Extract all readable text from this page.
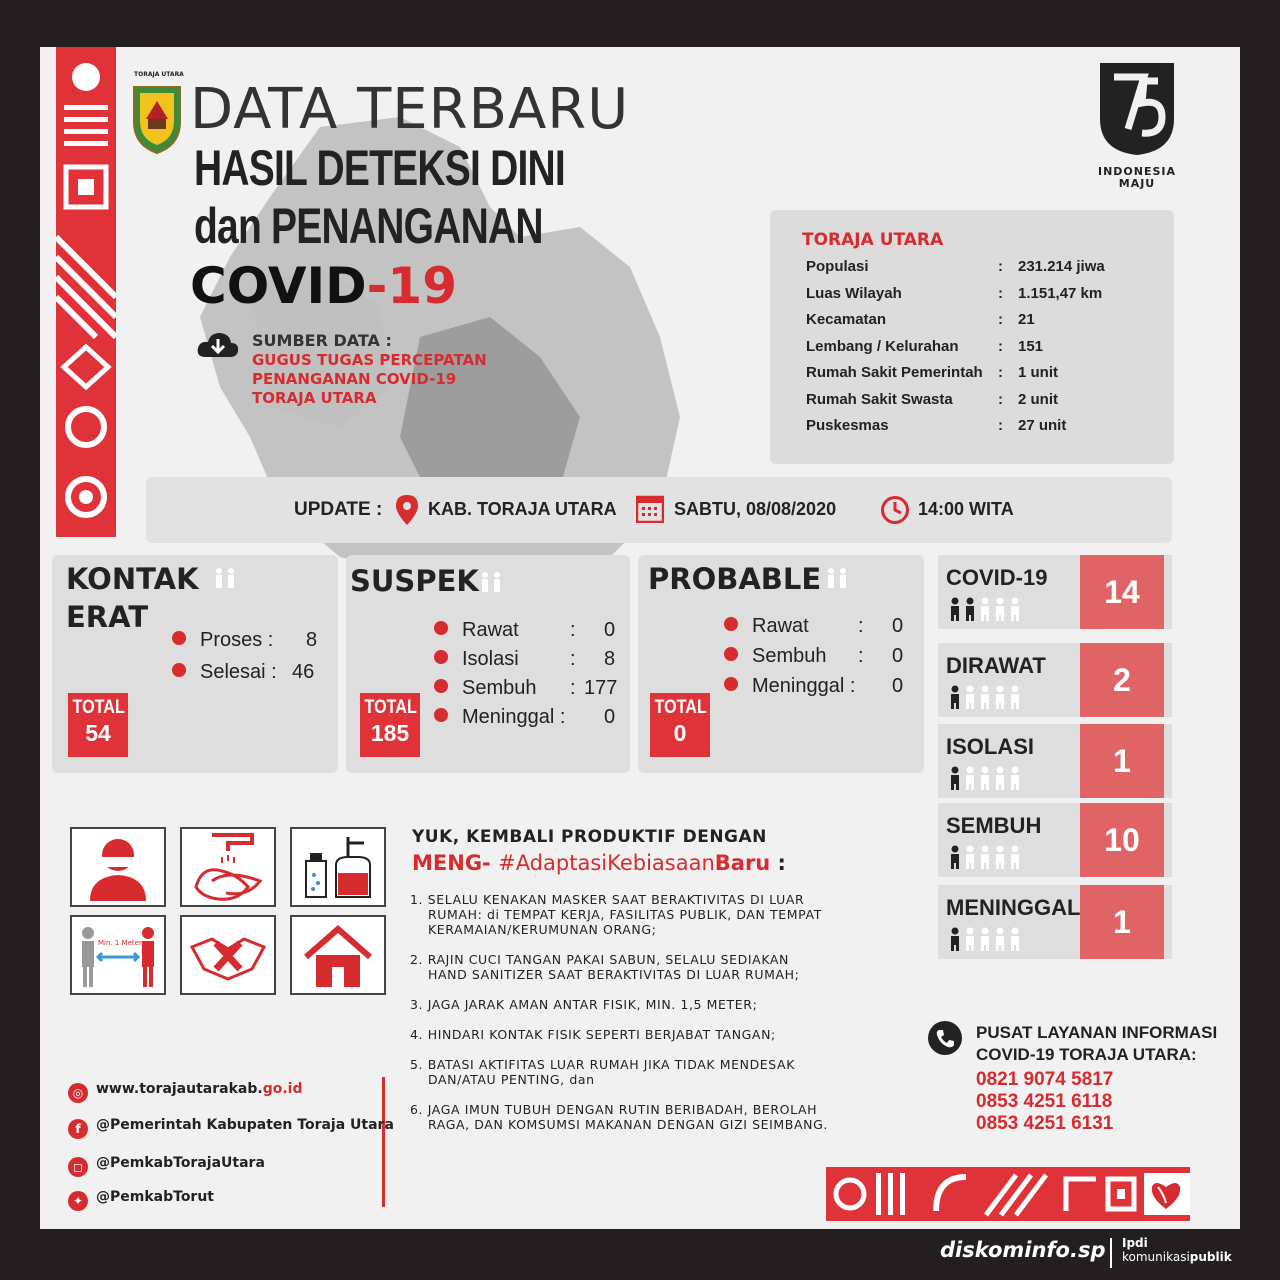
TORAJA UTARA
DATA TERBARU
HASIL DETEKSI DINI
dan PENANGANAN
COVID-19
SUMBER DATA :
GUGUS TUGAS PERCEPATAN PENANGANAN COVID-19 TORAJA UTARA
INDONESIA
MAJU
TORAJA UTARA
Populasi	: 231.214 jiwa
Luas Wilayah	: 1.151,47 km
Kecamatan	: 21
Lembang / Kelurahan	: 151
Rumah Sakit Pemerintah : 1 unit
Rumah Sakit Swasta	: 2 unit
Puskesmas	: 27 unit
UPDATE :	KAB. TORAJA UTARA	SABTU, 08/08/2020	14:00 WITA
KONTAK
ERAT
Proses : 8
Selesai : 46
TOTAL
54
SUSPEK
Rawat	: 0
Isolasi	: 8
Sembuh : 177
Meninggal : 0
TOTAL
185
PROBABLE
Rawat : 0
Sembuh : 0
Meninggal : 0
TOTAL
0
COVID-19	14
DIRAWAT	2
ISOLASI	1
SEMBUH	10
MENINGGAL	1
Min. 1 Meter
YUK, KEMBALI PRODUKTIF DENGAN
MENG- #AdaptasiKebiasaanBaru :
1. SELALU KENAKAN MASKER SAAT BERAKTIVITAS DI LUAR RUMAH: di TEMPAT KERJA, FASILITAS PUBLIK, DAN TEMPAT KERAMAIAN/KERUMUNAN ORANG;
2. RAJIN CUCI TANGAN PAKAI SABUN, SELALU SEDIAKAN HAND SANITIZER SAAT BERAKTIVITAS DI LUAR RUMAH;
3. JAGA JARAK AMAN ANTAR FISIK, MIN. 1,5 METER;
4. HINDARI KONTAK FISIK SEPERTI BERJABAT TANGAN;
5. BATASI AKTIFITAS LUAR RUMAH JIKA TIDAK MENDESAK DAN/ATAU PENTING, dan
6. JAGA IMUN TUBUH DENGAN RUTIN BERIBADAH, BEROLAH RAGA, DAN KOMSUMSI MAKANAN DENGAN GIZI SEIMBANG.
◎ www.torajautarakab.go.id
f @Pemerintah Kabupaten Toraja Utara
◻ @PemkabTorajaUtara
✦ @PemkabTorut
PUSAT LAYANAN INFORMASI
COVID-19 TORAJA UTARA:
0821 9074 5817
0853 4251 6118
0853 4251 6131
diskominfo.sp Ipdi
komunikasipublik
